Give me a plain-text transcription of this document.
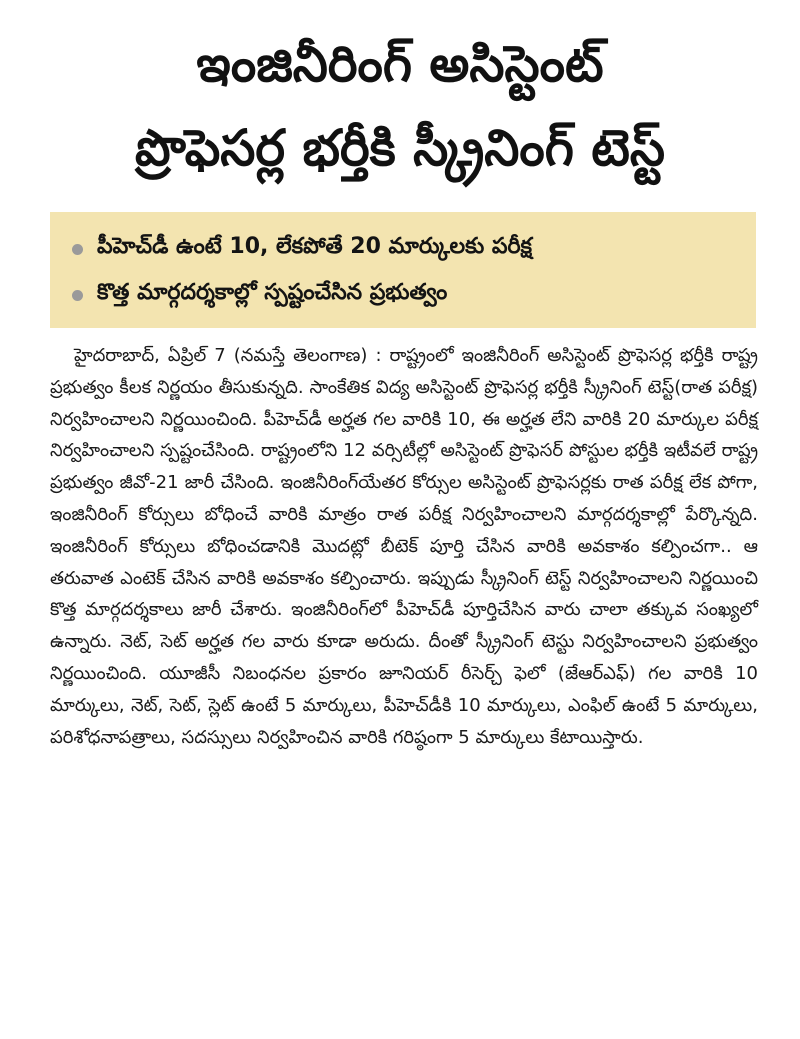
ఇంజినీరింగ్ అసిస్టెంట్
ప్రొఫెసర్ల భర్తీకి స్క్రీనింగ్ టెస్ట్
పీహెచ్‌డీ ఉంటే 10, లేకపోతే 20 మార్కులకు పరీక్ష
కొత్త మార్గదర్శకాల్లో స్పష్టంచేసిన ప్రభుత్వం

హైదరాబాద్, ఏప్రిల్ 7 (నమస్తే తెలంగాణ) : రాష్ట్రంలో ఇంజినీరింగ్ అసిస్టెంట్ ప్రొఫెసర్ల భర్తీకి రాష్ట్ర ప్రభుత్వం కీలక నిర్ణయం తీసుకున్నది. సాంకేతిక విద్య అసిస్టెంట్ ప్రొఫెసర్ల భర్తీకి స్క్రీనింగ్ టెస్ట్(రాత పరీక్ష) నిర్వహించాలని నిర్ణయించింది. పీహెచ్‌డీ అర్హత గల వారికి 10, ఈ అర్హత లేని వారికి 20 మార్కుల పరీక్ష నిర్వహించాలని స్పష్టంచేసింది. రాష్ట్రంలోని 12 వర్సిటీల్లో అసిస్టెంట్ ప్రొఫెసర్ పోస్టుల భర్తీకి ఇటీవలే రాష్ట్ర ప్రభుత్వం జీవో-21 జారీ చేసింది. ఇంజినీరింగ్‌యేతర కోర్సుల అసిస్టెంట్ ప్రొఫెసర్లకు రాత పరీక్ష లేక పోగా, ఇంజినీరింగ్ కోర్సులు బోధించే వారికి మాత్రం రాత పరీక్ష నిర్వహించాలని మార్గదర్శకాల్లో పేర్కొన్నది. ఇంజినీరింగ్ కోర్సులు బోధించడానికి మొదట్లో బీటెక్ పూర్తి చేసిన వారికి అవకాశం కల్పించగా.. ఆ తరువాత ఎంటెక్ చేసిన వారికి అవకాశం కల్పించారు. ఇప్పుడు స్క్రీనింగ్ టెస్ట్ నిర్వహించాలని నిర్ణయించి కొత్త మార్గదర్శకాలు జారీ చేశారు. ఇంజినీరింగ్‌లో పీహెచ్‌డీ పూర్తిచేసిన వారు చాలా తక్కువ సంఖ్యలో ఉన్నారు. నెట్, సెట్ అర్హత గల వారు కూడా అరుదు. దీంతో స్క్రీనింగ్ టెస్టు నిర్వహించాలని ప్రభుత్వం నిర్ణయించింది. యూజీసీ నిబంధనల ప్రకారం జూనియర్ రీసెర్చ్ ఫెలో (జేఆర్ఎఫ్) గల వారికి 10 మార్కులు, నెట్, సెట్, స్లెట్ ఉంటే 5 మార్కులు, పీహెచ్‌డీకి 10 మార్కులు, ఎంఫిల్ ఉంటే 5 మార్కులు, పరిశోధనాపత్రాలు, సదస్సులు నిర్వహించిన వారికి గరిష్ఠంగా 5 మార్కులు కేటాయిస్తారు.
